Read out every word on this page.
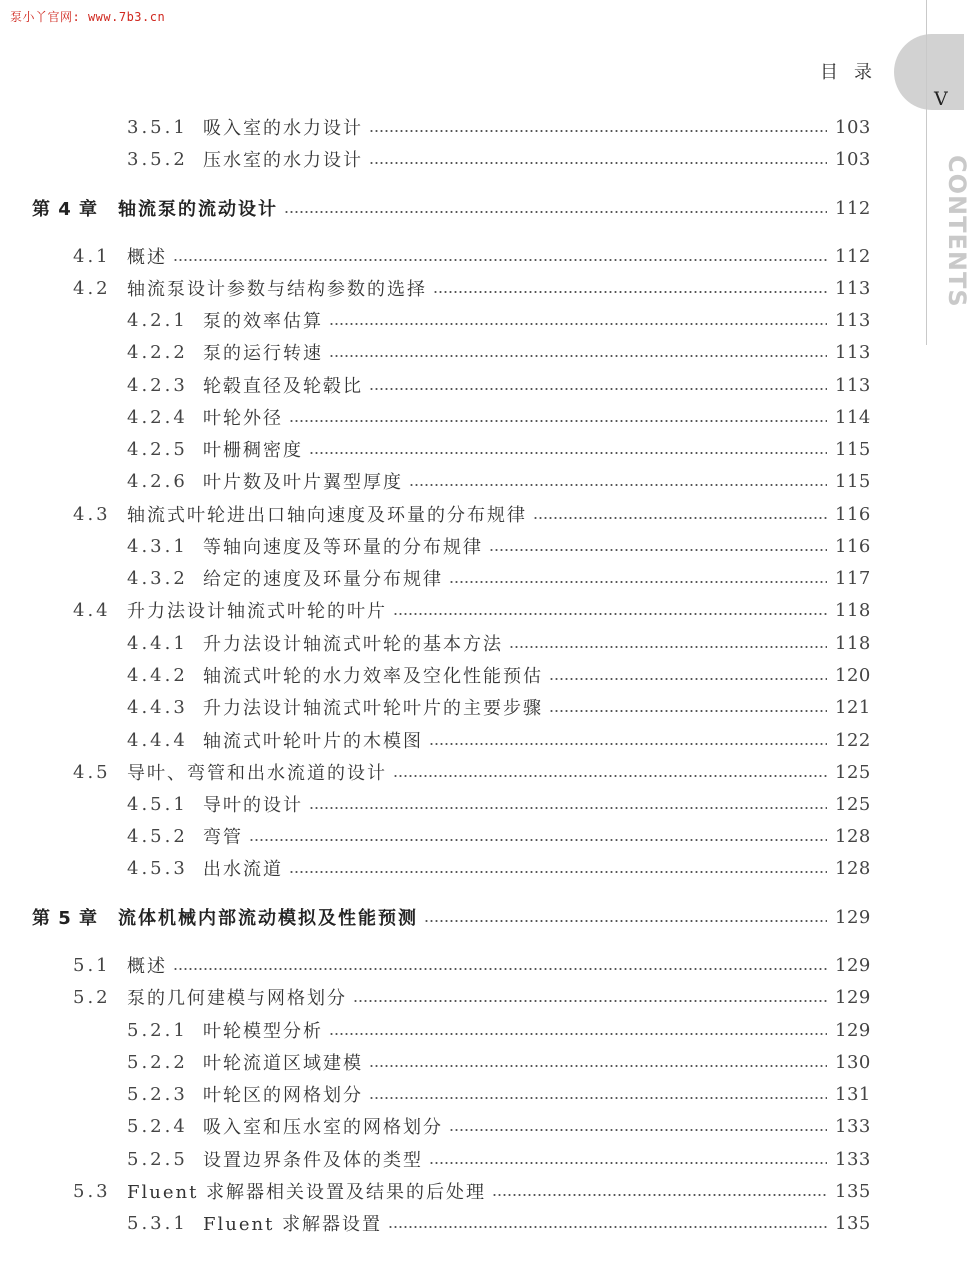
泵小丫官网: www.7b3.cn
目录
V
CONTENTS
3.5.1 吸入室的水力设计	103
3.5.2 压水室的水力设计	103
第 4 章	轴流泵的流动设计	112
4.1 概述	112
4.2 轴流泵设计参数与结构参数的选择	113
4.2.1 泵的效率估算	113
4.2.2 泵的运行转速	113
4.2.3 轮毂直径及轮毂比	113
4.2.4 叶轮外径	114
4.2.5 叶栅稠密度	115
4.2.6 叶片数及叶片翼型厚度	115
4.3 轴流式叶轮进出口轴向速度及环量的分布规律	116
4.3.1 等轴向速度及等环量的分布规律	116
4.3.2 给定的速度及环量分布规律	117
4.4 升力法设计轴流式叶轮的叶片	118
4.4.1 升力法设计轴流式叶轮的基本方法	118
4.4.2 轴流式叶轮的水力效率及空化性能预估	120
4.4.3 升力法设计轴流式叶轮叶片的主要步骤	121
4.4.4 轴流式叶轮叶片的木模图	122
4.5 导叶、弯管和出水流道的设计	125
4.5.1 导叶的设计	125
4.5.2 弯管	128
4.5.3 出水流道	128
第 5 章	流体机械内部流动模拟及性能预测	129
5.1 概述	129
5.2 泵的几何建模与网格划分	129
5.2.1 叶轮模型分析	129
5.2.2 叶轮流道区域建模	130
5.2.3 叶轮区的网格划分	131
5.2.4 吸入室和压水室的网格划分	133
5.2.5 设置边界条件及体的类型	133
5.3 Fluent 求解器相关设置及结果的后处理	135
5.3.1 Fluent 求解器设置	135
